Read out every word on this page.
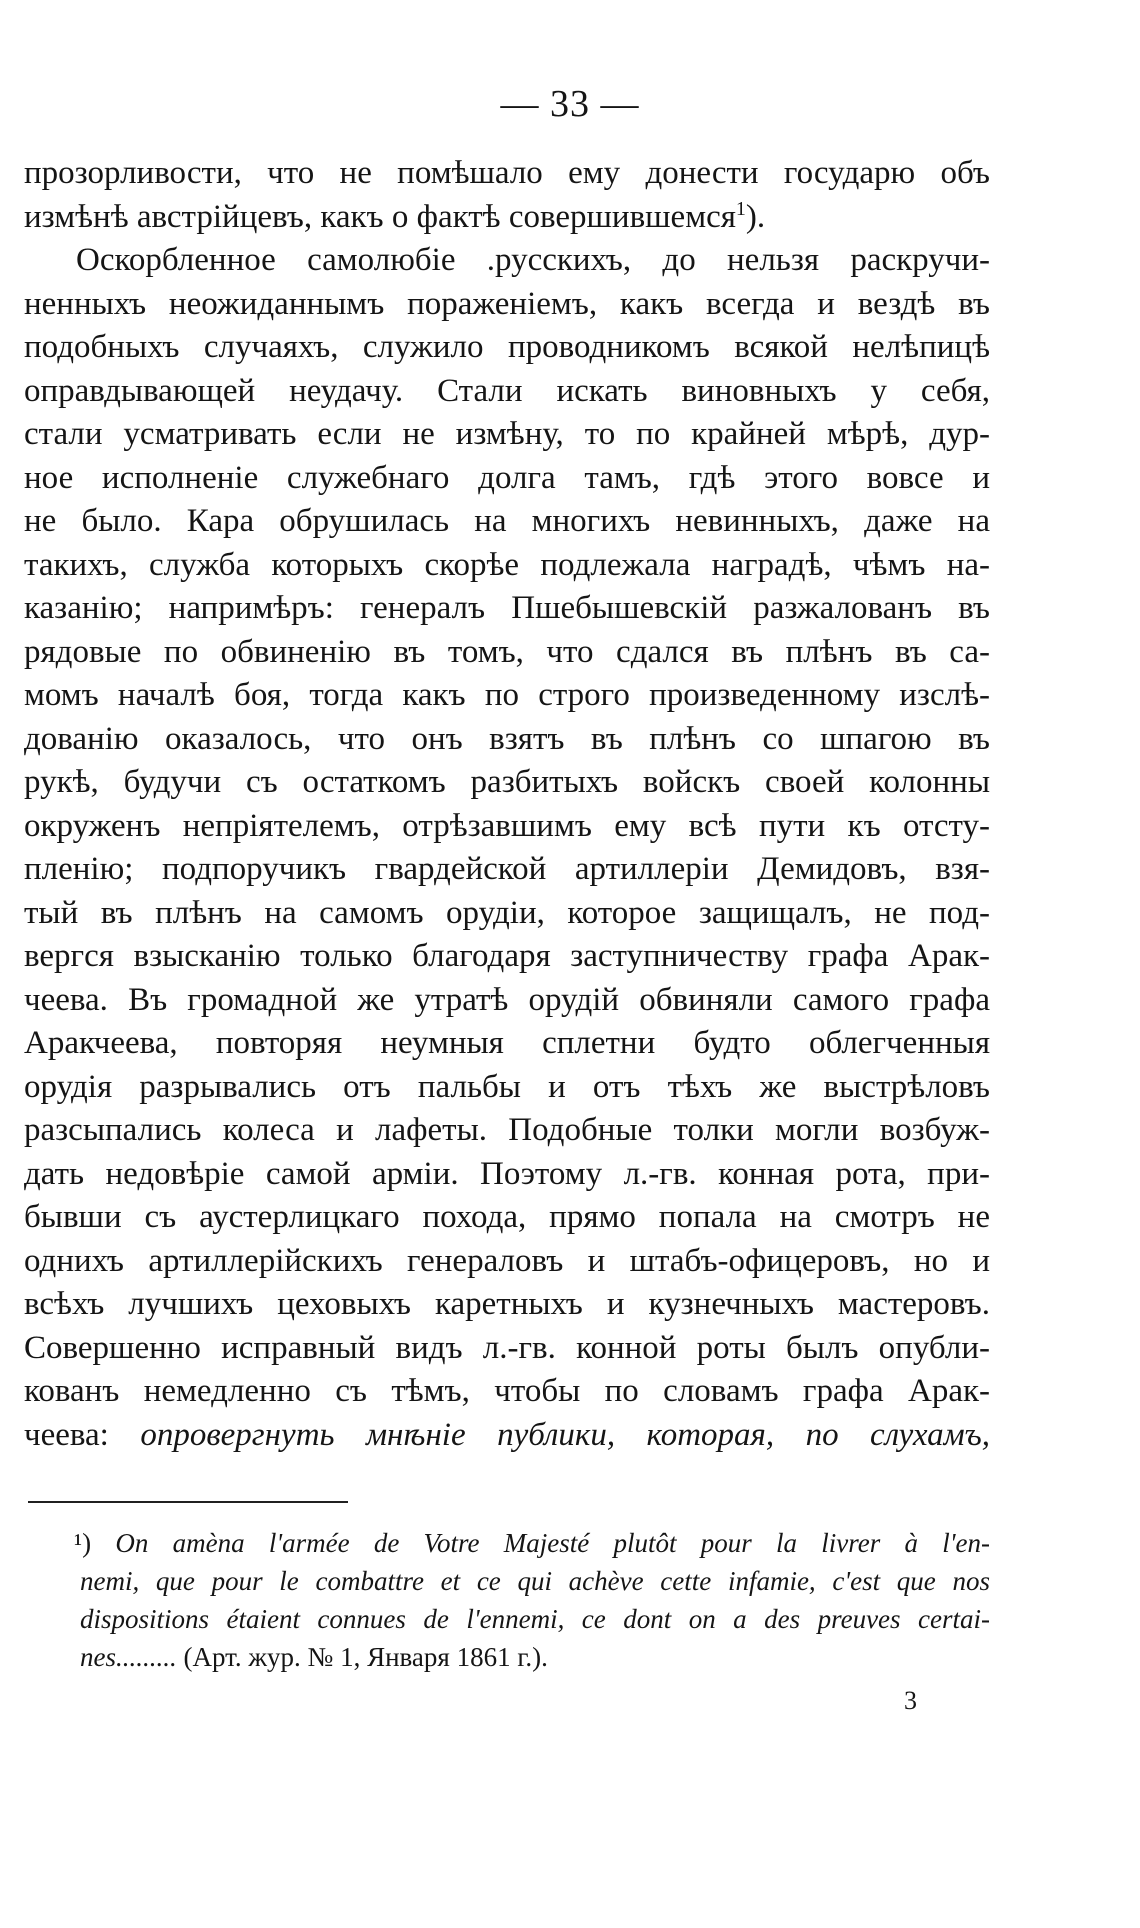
— 33 —
прозорливости, что не помѣшало ему донести государю объ
измѣнѣ австрійцевъ, какъ о фактѣ совершившемся$^1$).
Оскорбленное самолюбіе .русскихъ, до нельзя раскручи-
ненныхъ неожиданнымъ пораженіемъ, какъ всегда и вездѣ въ
подобныхъ случаяхъ, служило проводникомъ всякой нелѣпицѣ
оправдывающей неудачу. Стали искать виновныхъ у себя,
стали усматривать если не измѣну, то по крайней мѣрѣ, дур-
ное исполненіе служебнаго долга тамъ, гдѣ этого вовсе и
не было. Кара обрушилась на многихъ невинныхъ, даже на
такихъ, служба которыхъ скорѣе подлежала наградѣ, чѣмъ на-
казанію; напримѣръ: генералъ Пшебышевскій разжалованъ въ
рядовые по обвиненію въ томъ, что сдался въ плѣнъ въ са-
момъ началѣ боя, тогда какъ по строго произведенному изслѣ-
дованію оказалось, что онъ взятъ въ плѣнъ со шпагою въ
рукѣ, будучи съ остаткомъ разбитыхъ войскъ своей колонны
окруженъ непріятелемъ, отрѣзавшимъ ему всѣ пути къ отсту-
пленію; подпоручикъ гвардейской артиллеріи Демидовъ, взя-
тый въ плѣнъ на самомъ орудіи, которое защищалъ, не под-
вергся взысканію только благодаря заступничеству графа Арак-
чеева. Въ громадной же утратѣ орудій обвиняли самого графа
Аракчеева, повторяя неумныя сплетни будто облегченныя
орудія разрывались отъ пальбы и отъ тѣхъ же выстрѣловъ
разсыпались колеса и лафеты. Подобные толки могли возбуж-
дать недовѣріе самой арміи. Поэтому л.-гв. конная рота, при-
бывши съ аустерлицкаго похода, прямо попала на смотръ не
однихъ артиллерійскихъ генераловъ и штабъ-офицеровъ, но и
всѣхъ лучшихъ цеховыхъ каретныхъ и кузнечныхъ мастеровъ.
Совершенно исправный видъ л.-гв. конной роты былъ опубли-
кованъ немедленно съ тѣмъ, чтобы по словамъ графа Арак-
чеева: опровергнуть мнѣніе публики, которая, по слухамъ,
¹) On amèna l'armée de Votre Majesté plutôt pour la livrer à l'en-
nemi, que pour le combattre et ce qui achève cette infamie, c'est que nos
dispositions étaient connues de l'ennemi, ce dont on a des preuves certai-
nes......... (Арт. жур. № 1, Января 1861 г.).
3
